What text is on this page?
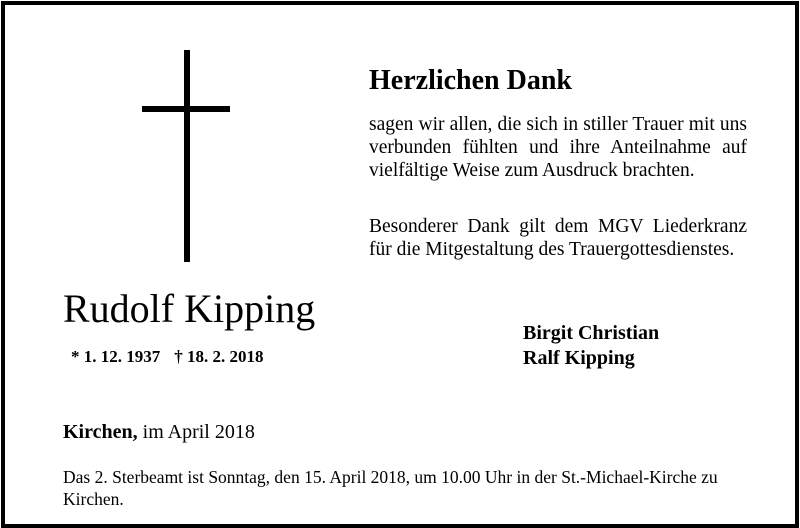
Herzlichen Dank
sagen wir allen, die sich in stiller Trauer mit uns verbunden fühlten und ihre Anteilnahme auf vielfältige Weise zum Ausdruck brachten.
Besonderer Dank gilt dem MGV Liederkranz für die Mitgestaltung des Trauergottesdienstes.
Birgit Christian
Ralf Kipping
Rudolf Kipping
* 1. 12. 1937 † 18. 2. 2018
Kirchen, im April 2018
Das 2. Sterbeamt ist Sonntag, den 15. April 2018, um 10.00 Uhr in der St.-Michael-Kirche zu Kirchen.
